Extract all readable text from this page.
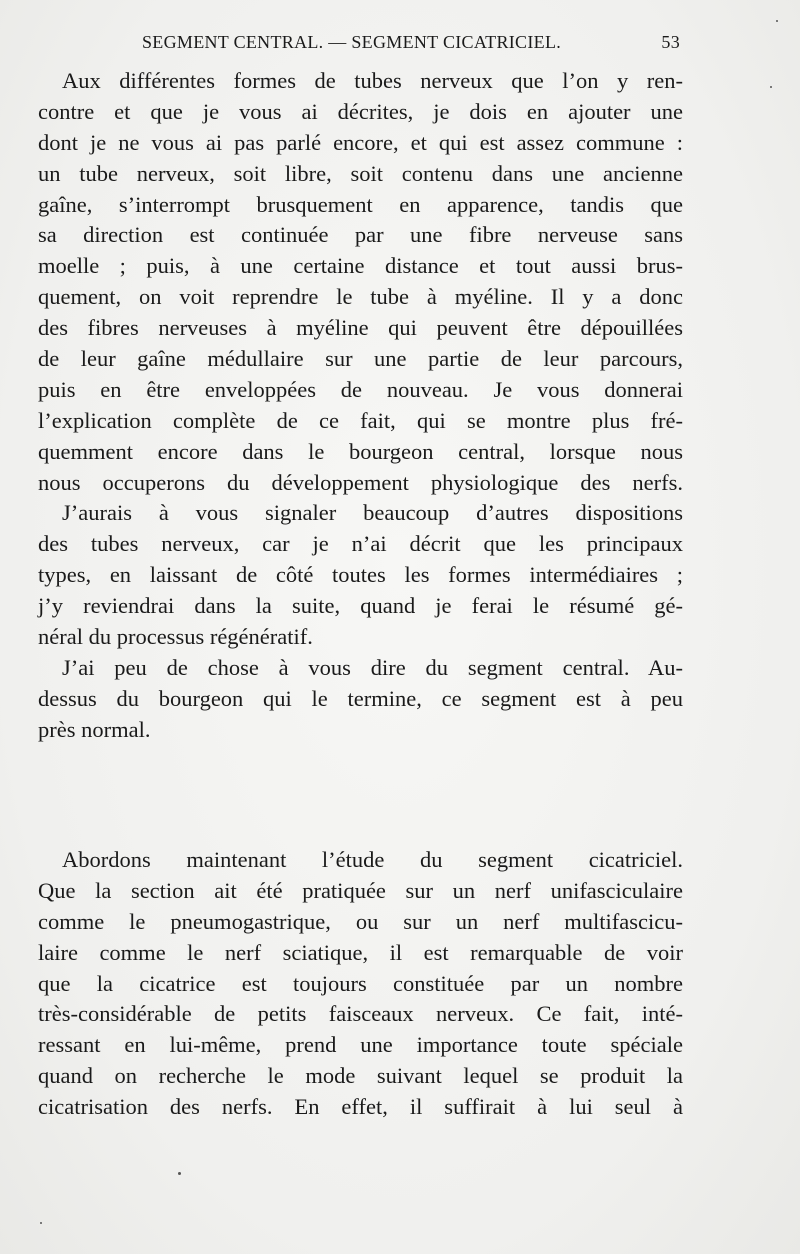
SEGMENT CENTRAL. — SEGMENT CICATRICIEL.	53
Aux différentes formes de tubes nerveux que l’on y ren-
contre et que je vous ai décrites, je dois en ajouter une
dont je ne vous ai pas parlé encore, et qui est assez commune :
un tube nerveux, soit libre, soit contenu dans une ancienne
gaîne, s’interrompt brusquement en apparence, tandis que
sa direction est continuée par une fibre nerveuse sans
moelle ; puis, à une certaine distance et tout aussi brus-
quement, on voit reprendre le tube à myéline. Il y a donc
des fibres nerveuses à myéline qui peuvent être dépouillées
de leur gaîne médullaire sur une partie de leur parcours,
puis en être enveloppées de nouveau. Je vous donnerai
l’explication complète de ce fait, qui se montre plus fré-
quemment encore dans le bourgeon central, lorsque nous
nous occuperons du développement physiologique des nerfs.
J’aurais à vous signaler beaucoup d’autres dispositions
des tubes nerveux, car je n’ai décrit que les principaux
types, en laissant de côté toutes les formes intermédiaires ;
j’y reviendrai dans la suite, quand je ferai le résumé gé-
néral du processus régénératif.
J’ai peu de chose à vous dire du segment central. Au-
dessus du bourgeon qui le termine, ce segment est à peu
près normal.
Abordons maintenant l’étude du segment cicatriciel.
Que la section ait été pratiquée sur un nerf unifasciculaire
comme le pneumogastrique, ou sur un nerf multifascicu-
laire comme le nerf sciatique, il est remarquable de voir
que la cicatrice est toujours constituée par un nombre
très-considérable de petits faisceaux nerveux. Ce fait, inté-
ressant en lui-même, prend une importance toute spéciale
quand on recherche le mode suivant lequel se produit la
cicatrisation des nerfs. En effet, il suffirait à lui seul à
